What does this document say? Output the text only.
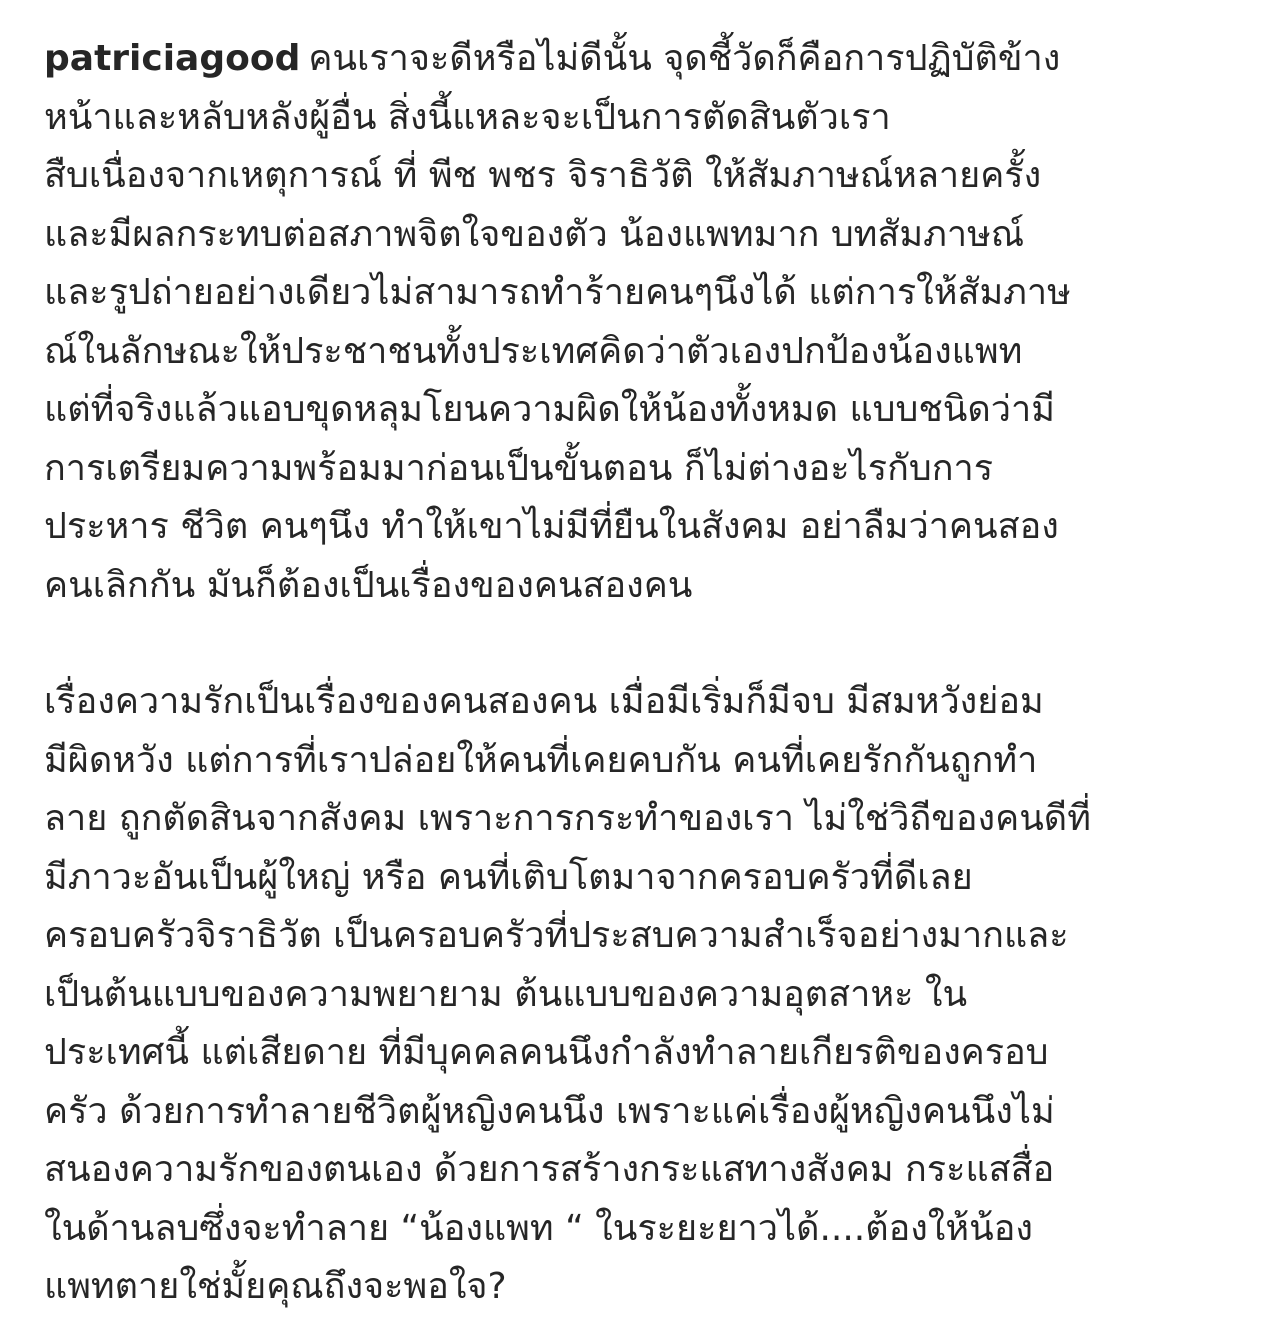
patriciagood คนเราจะดีหรือไม่ดีนั้น จุดชี้วัดก็คือการปฏิบัติข้าง
หน้าและหลับหลังผู้อื่น สิ่งนี้แหละจะเป็นการตัดสินตัวเรา
สืบเนื่องจากเหตุการณ์ ที่ พีช พชร จิราธิวัติ ให้สัมภาษณ์หลายครั้ง
และมีผลกระทบต่อสภาพจิตใจของตัว น้องแพทมาก บทสัมภาษณ์
และรูปถ่ายอย่างเดียวไม่สามารถทำร้ายคนๆนึงได้ แต่การให้สัมภาษ
ณ์ในลักษณะให้ประชาชนทั้งประเทศคิดว่าตัวเองปกป้องน้องแพท
แต่ที่จริงแล้วแอบขุดหลุมโยนความผิดให้น้องทั้งหมด แบบชนิดว่ามี
การเตรียมความพร้อมมาก่อนเป็นขั้นตอน ก็ไม่ต่างอะไรกับการ
ประหาร ชีวิต คนๆนึง ทำให้เขาไม่มีที่ยืนในสังคม อย่าลืมว่าคนสอง
คนเลิกกัน มันก็ต้องเป็นเรื่องของคนสองคน
เรื่องความรักเป็นเรื่องของคนสองคน เมื่อมีเริ่มก็มีจบ มีสมหวังย่อม
มีผิดหวัง แต่การที่เราปล่อยให้คนที่เคยคบกัน คนที่เคยรักกันถูกทำ
ลาย ถูกตัดสินจากสังคม เพราะการกระทำของเรา ไม่ใช่วิถีของคนดีที่
มีภาวะอันเป็นผู้ใหญ่ หรือ คนที่เติบโตมาจากครอบครัวที่ดีเลย
ครอบครัวจิราธิวัต เป็นครอบครัวที่ประสบความสำเร็จอย่างมากและ
เป็นต้นแบบของความพยายาม ต้นแบบของความอุตสาหะ ใน
ประเทศนี้ แต่เสียดาย ที่มีบุคคลคนนึงกำลังทำลายเกียรติของครอบ
ครัว ด้วยการทำลายชีวิตผู้หญิงคนนึง เพราะแค่เรื่องผู้หญิงคนนึงไม่
สนองความรักของตนเอง ด้วยการสร้างกระแสทางสังคม กระแสสื่อ
ในด้านลบซึ่งจะทำลาย “น้องแพท “ ในระยะยาวได้....ต้องให้น้อง
แพทตายใช่มั้ยคุณถึงจะพอใจ?
